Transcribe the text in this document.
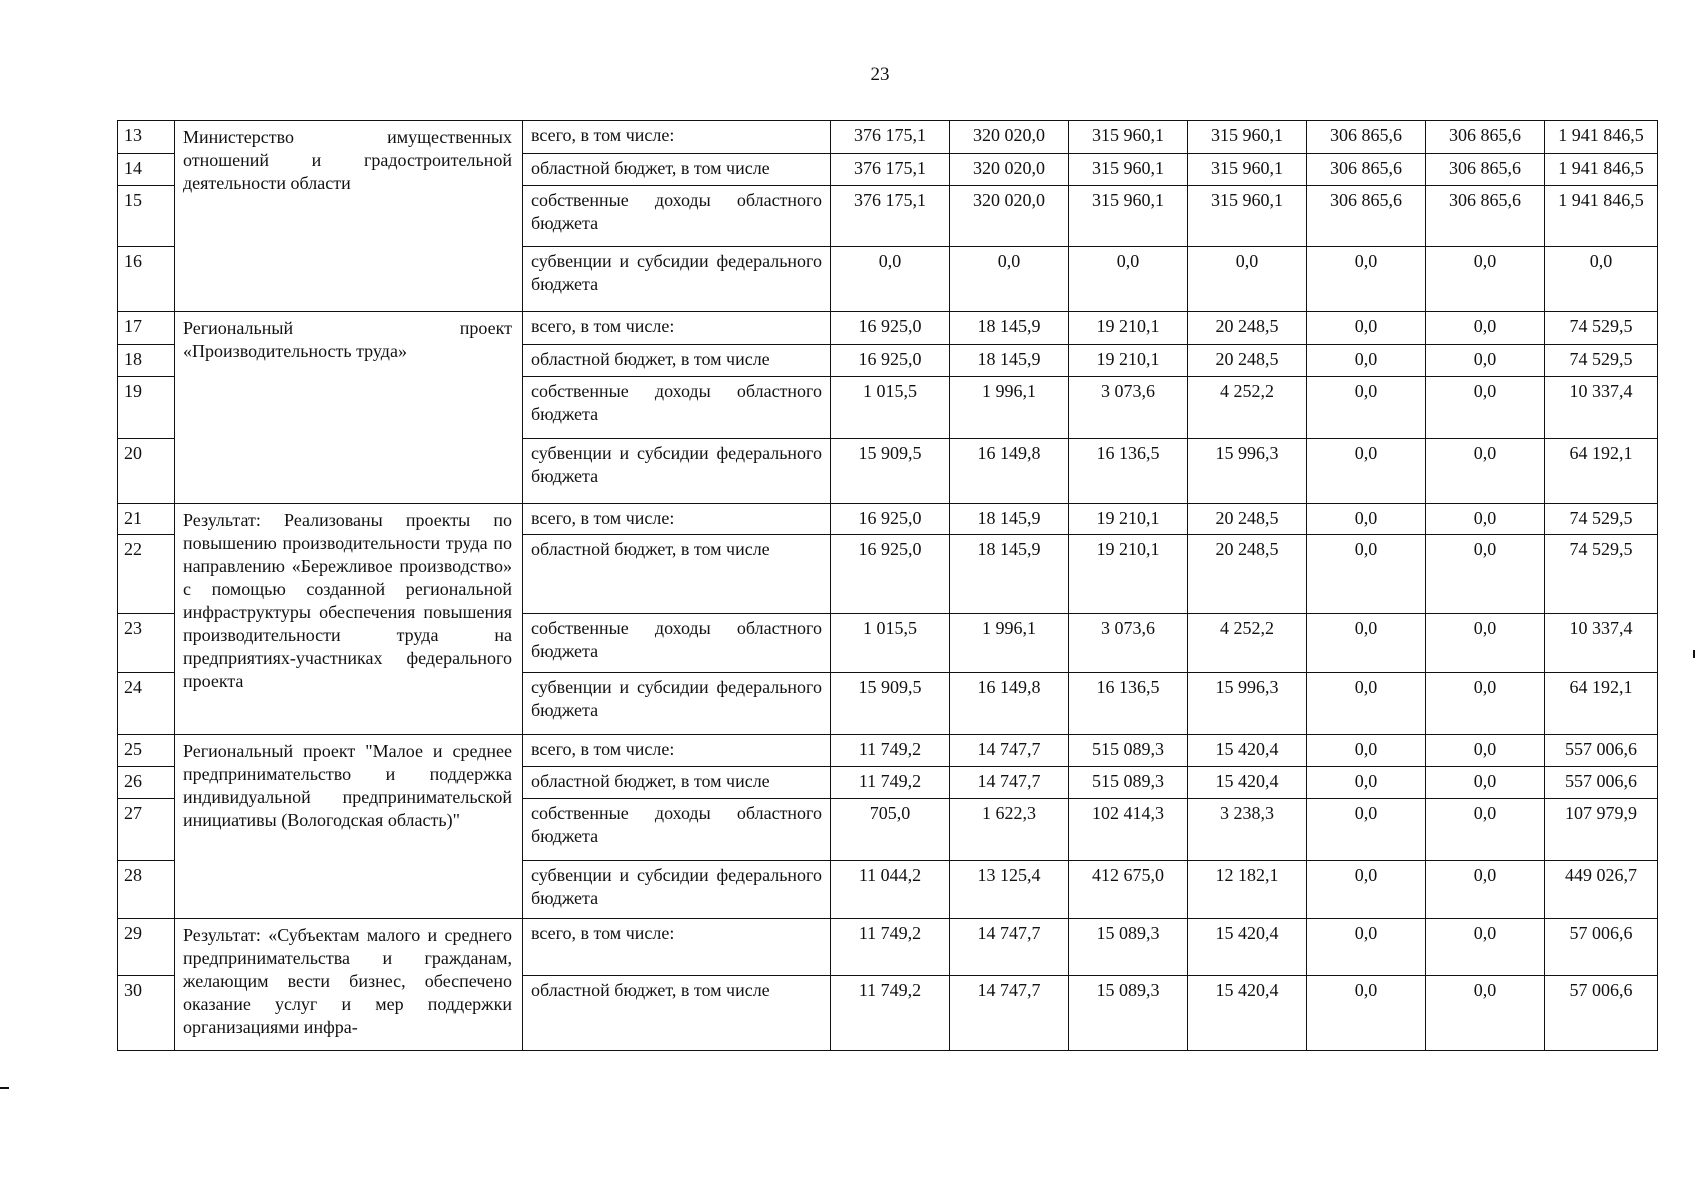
23
13	Министерство имущественных отношений и градостроительной деятельности области	всего, в том числе:	376 175,1	320 020,0	315 960,1	315 960,1	306 865,6	306 865,6	1 941 846,5
14		областной бюджет, в том числе	376 175,1	320 020,0	315 960,1	315 960,1	306 865,6	306 865,6	1 941 846,5
15		собственные доходы областного бюджета	376 175,1	320 020,0	315 960,1	315 960,1	306 865,6	306 865,6	1 941 846,5
16		субвенции и субсидии федерального бюджета	0,0	0,0	0,0	0,0	0,0	0,0	0,0
17	Региональный проект «Производительность труда»	всего, в том числе:	16 925,0	18 145,9	19 210,1	20 248,5	0,0	0,0	74 529,5
18		областной бюджет, в том числе	16 925,0	18 145,9	19 210,1	20 248,5	0,0	0,0	74 529,5
19		собственные доходы областного бюджета	1 015,5	1 996,1	3 073,6	4 252,2	0,0	0,0	10 337,4
20		субвенции и субсидии федерального бюджета	15 909,5	16 149,8	16 136,5	15 996,3	0,0	0,0	64 192,1
21	Результат: Реализованы проекты по повышению производительности труда по направлению «Бережливое производство» с помощью созданной региональной инфраструктуры обеспечения повышения производительности труда на предприятиях-участниках федерального проекта	всего, в том числе:	16 925,0	18 145,9	19 210,1	20 248,5	0,0	0,0	74 529,5
22		областной бюджет, в том числе	16 925,0	18 145,9	19 210,1	20 248,5	0,0	0,0	74 529,5
23		собственные доходы областного бюджета	1 015,5	1 996,1	3 073,6	4 252,2	0,0	0,0	10 337,4
24		субвенции и субсидии федерального бюджета	15 909,5	16 149,8	16 136,5	15 996,3	0,0	0,0	64 192,1
25	Региональный проект "Малое и среднее предпринимательство и поддержка индивидуальной предпринимательской инициативы (Вологодская область)"	всего, в том числе:	11 749,2	14 747,7	515 089,3	15 420,4	0,0	0,0	557 006,6
26		областной бюджет, в том числе	11 749,2	14 747,7	515 089,3	15 420,4	0,0	0,0	557 006,6
27		собственные доходы областного бюджета	705,0	1 622,3	102 414,3	3 238,3	0,0	0,0	107 979,9
28		субвенции и субсидии федерального бюджета	11 044,2	13 125,4	412 675,0	12 182,1	0,0	0,0	449 026,7
29	Результат: «Субъектам малого и среднего предпринимательства и гражданам, желающим вести бизнес, обеспечено оказание услуг и мер поддержки организациями инфра-	всего, в том числе:	11 749,2	14 747,7	15 089,3	15 420,4	0,0	0,0	57 006,6
30		областной бюджет, в том числе	11 749,2	14 747,7	15 089,3	15 420,4	0,0	0,0	57 006,6
